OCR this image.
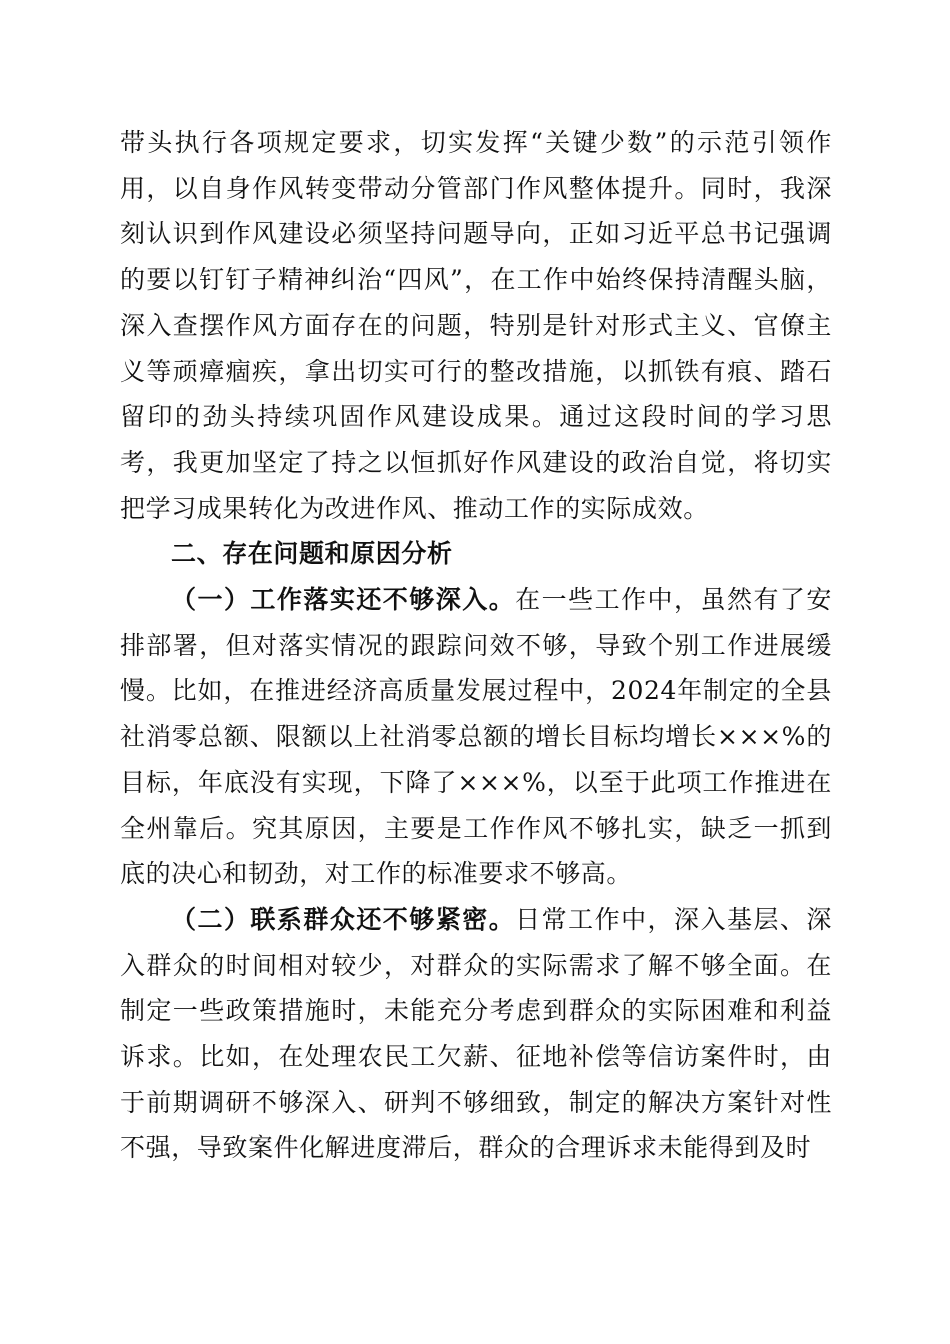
带头执行各项规定要求，切实发挥“关键少数”的示范引领作用，以自身作风转变带动分管部门作风整体提升。同时，我深刻认识到作风建设必须坚持问题导向，正如习近平总书记强调的要以钉钉子精神纠治“四风”，在工作中始终保持清醒头脑，深入查摆作风方面存在的问题，特别是针对形式主义、官僚主义等顽瘴痼疾，拿出切实可行的整改措施，以抓铁有痕、踏石留印的劲头持续巩固作风建设成果。通过这段时间的学习思考，我更加坚定了持之以恒抓好作风建设的政治自觉，将切实把学习成果转化为改进作风、推动工作的实际成效。

二、存在问题和原因分析

（一）工作落实还不够深入。在一些工作中，虽然有了安排部署，但对落实情况的跟踪问效不够，导致个别工作进展缓慢。比如，在推进经济高质量发展过程中，2024年制定的全县社消零总额、限额以上社消零总额的增长目标均增长×××%的目标，年底没有实现，下降了×××%，以至于此项工作推进在全州靠后。究其原因，主要是工作作风不够扎实，缺乏一抓到底的决心和韧劲，对工作的标准要求不够高。

（二）联系群众还不够紧密。日常工作中，深入基层、深入群众的时间相对较少，对群众的实际需求了解不够全面。在制定一些政策措施时，未能充分考虑到群众的实际困难和利益诉求。比如，在处理农民工欠薪、征地补偿等信访案件时，由于前期调研不够深入、研判不够细致，制定的解决方案针对性不强，导致案件化解进度滞后，群众的合理诉求未能得到及时
